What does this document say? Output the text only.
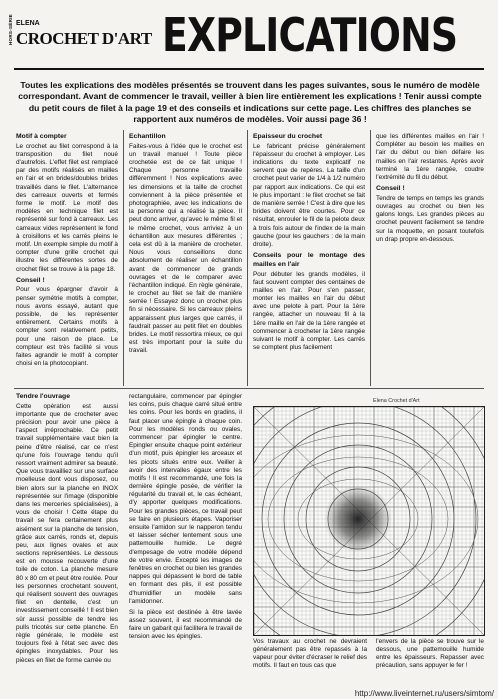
HORS-SÉRIE ELENA
CROCHET D'ART EXPLICATIONS
Toutes les explications des modèles présentés se trouvent dans les pages suivantes, sous le numéro de modèle correspondant. Avant de commencer le travail, veiller à bien lire entièrement les explications ! Tenir aussi compte du petit cours de filet à la page 19 et des conseils et indications sur cette page. Les chiffres des planches se rapportent aux numéros de modèles. Voir aussi page 36 !
Motif à compter

Le crochet au filet correspond à la transposition du filet noué d'autrefois. L'effet filet est remplacé par des motifs réalisés en mailles en l'air et en brides/doubles brides travaillés dans le filet. L'alternance des carreaux ouverts et fermés forme le motif. Le motif des modèles en technique filet est représenté sur fond à carreaux. Les carreaux vides représentent le fond à croisillons et les carrés pleins le motif. Un exemple simple du motif à compter d'une grille crochet qui illustre les différentes sortes de crochet filet se trouve à la page 18.

Conseil !

Pour vous épargner d'avoir à penser symétrie motifs à compter, nous avons essayé, autant que possible, de les représenter entièrement. Certains motifs à compter sont relativement petits, pour une raison de place. Le compteur est très facilité si vous faites agrandir le motif à compter choisi en la photocopiant.

Echantillon

Faites-vous à l'idée que le crochet est un travail manuel ! Toute pièce crochetée est de ce fait unique ! Chaque personne travaille différemment ! Nos explications avec les dimensions et la taille de crochet conviennent à la pièce présentée et photographiée, avec les indications de la personne qui a réalisé la pièce. Il peut donc arriver, qu'avec le même fil et le même crochet, vous arriviez à un échantillon aux mesures différentes ; cela est dû à la manière de crocheter. Nous vous conseillons donc absolument de réaliser un échantillon avant de commencer de grands ouvrages et de le comparer avec l'échantillon indiqué. En règle générale, le crochet au filet se fait de manière serrée ! Essayez donc un crochet plus fin si nécessaire. Si les carreaux pleins apparaissent plus larges que carrés, il faudrait passer au petit filet en doubles brides. Le motif ressortira mieux, ce qui est très important pour la suite du travail.

Epaisseur du crochet

Le fabricant précise généralement l'épaisseur du crochet à employer. Les indications du texte explicatif ne servent que de repères. La taille d'un crochet peut varier de 1/4 à 1/2 numéro par rapport aux indications. Ce qui est le plus important : le filet crochet se fait de manière serrée ! C'est à dire que les brides doivent être courtes. Pour ce résultat, enrouler le fil de la pelote deux à trois fois autour de l'index de la main gauche (pour les gauchers : de la main droite).

Conseils pour le montage des mailles en l'air

Pour débuter les grands modèles, il faut souvent compter des centaines de mailles en l'air. Pour s'en passer, monter les mailles en l'air du début avec une pelote à part. Pour la 1ère rangée, attacher un nouveau fil à la 1ère maille en l'air de la 1ère rangée et commencer à crocheter la 1ère rangée suivant le motif à compter. Les carrés se comptent plus facilement

que les différentes mailles en l'air ! Compléter au besoin les mailles en l'air du début ou bien défaire les mailles en l'air restantes. Après avoir terminé la 1ère rangée, coudre l'extrémité du fil du début.

Conseil !

Tendre de temps en temps les grands ouvrages au crochet ou bien les galons longs. Les grandes pièces au crochet peuvent facilement se tendre sur la moquette, en posant toutefois un drap propre en-dessous.

Tendre l'ouvrage

Cette opération est aussi importante que de crocheter avec précision pour avoir une pièce à l'aspect irréprochable. Ce petit travail supplémentaire vaut bien la peine d'être réalisé, car ce n'est qu'une fois l'ouvrage tendu qu'il ressort vraiment admirer sa beauté. Que vous travailliez sur une surface moelleuse dont vous disposez, ou bien alors sur la planche en INOX représentée sur l'image (disponible dans les merceries spécialisées), à vous de choisir ! Cette étape du travail se fera certainement plus aisément sur la planche de tension, grâce aux carrés, ronds et, depuis peu, aux lignes ovales et aux sections représentées. Le dessous est en mousse recouverte d'une toile de coton. La planche mesure 80 x 80 cm et peut être roulée. Pour les personnes crochetant souvent, qui réalisent souvent des ouvrages filet en dentelle, c'est un investissement conseillé ! Il est bien sûr aussi possible de tendre les pulls tricotés sur cette planche. En règle générale, le modèle est toujours fixé à l'état sec avec des épingles inoxydables. Pour les pièces en filet de forme carrée ou

rectangulaire, commencer par épingler les coins, puis chaque carré situé entre les coins. Pour les bords en gradins, il faut placer une épingle à chaque coin. Pour les modèles ronds ou ovales, commencer par épingler le centre. Epingler ensuite chaque point extérieur d'un motif, puis épingler les arceaux et les picots situés entre eux. Veiller à avoir des intervalles égaux entre les motifs ! Il est recommandé, une fois la dernière épingle posée, de vérifier la régularité du travail et, le cas échéant, d'y apporter quelques modifications. Pour les grandes pièces, ce travail peut se faire en plusieurs étapes. Vaporiser ensuite l'amidon sur le napperon tendu et laisser sécher lentement sous une pattemouille humide. Le degré d'empesage de votre modèle dépend de votre envie. Excepté les images de fenêtres en crochet ou bien les grandes nappes qui dépassent le bord de table en formant des plis, il est possible d'humidifier un modèle sans l'amidonner.

Si la pièce est destinée à être lavée assez souvent, il est recommandé de faire un gabarit qui facilitera le travail de tension avec les épingles.

Elena Crochet d'Art
Vos travaux au crochet ne devraient généralement pas être repassés à la vapeur pour éviter d'écraser le relief des motifs. Il faut en tous cas que
l'envers de la pièce se trouve sur le dessous, une pattemouille humide entre les épaisseurs. Repasser avec précaution, sans appuyer le fer !
http://www.liveinternet.ru/users/simtom/
